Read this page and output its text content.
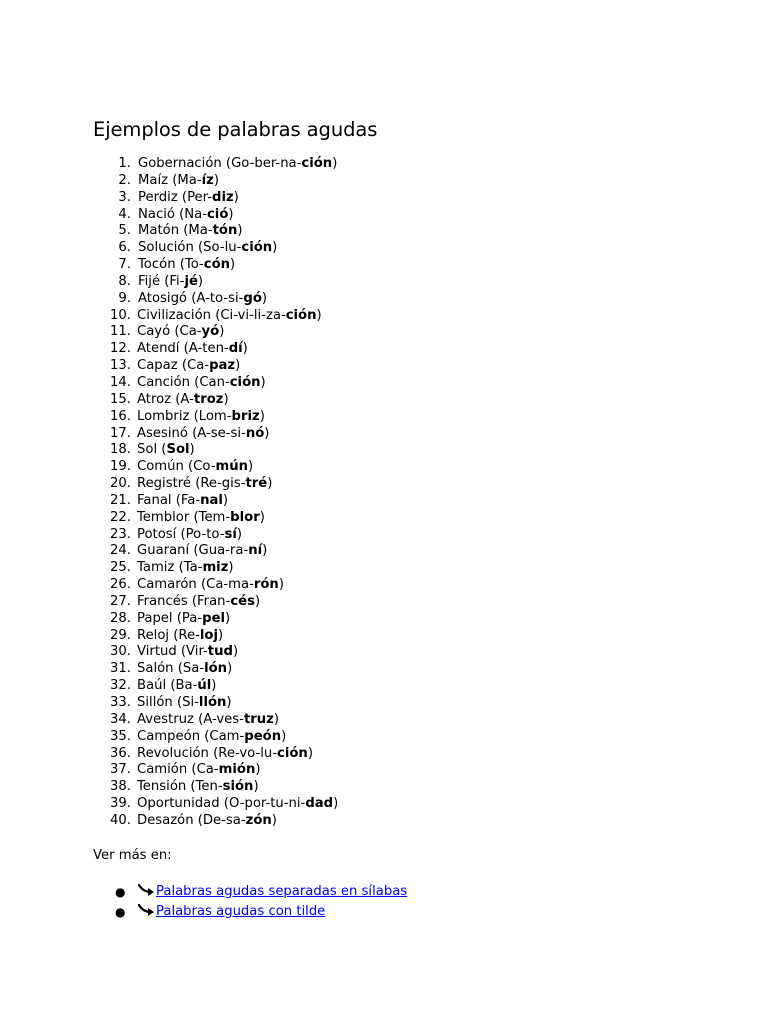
Ejemplos de palabras agudas
1. Gobernación (Go-ber-na-ción)
2. Maíz (Ma-íz)
3. Perdiz (Per-diz)
4. Nació (Na-ció)
5. Matón (Ma-tón)
6. Solución (So-lu-ción)
7. Tocón (To-cón)
8. Fijé (Fi-jé)
9. Atosigó (A-to-si-gó)
10. Civilización (Ci-vi-li-za-ción)
11. Cayó (Ca-yó)
12. Atendí (A-ten-dí)
13. Capaz (Ca-paz)
14. Canción (Can-ción)
15. Atroz (A-troz)
16. Lombriz (Lom-briz)
17. Asesinó (A-se-si-nó)
18. Sol (Sol)
19. Común (Co-mún)
20. Registré (Re-gis-tré)
21. Fanal (Fa-nal)
22. Temblor (Tem-blor)
23. Potosí (Po-to-sí)
24. Guaraní (Gua-ra-ní)
25. Tamiz (Ta-miz)
26. Camarón (Ca-ma-rón)
27. Francés (Fran-cés)
28. Papel (Pa-pel)
29. Reloj (Re-loj)
30. Virtud (Vir-tud)
31. Salón (Sa-lón)
32. Baúl (Ba-úl)
33. Sillón (Si-llón)
34. Avestruz (A-ves-truz)
35. Campeón (Cam-peón)
36. Revolución (Re-vo-lu-ción)
37. Camión (Ca-mión)
38. Tensión (Ten-sión)
39. Oportunidad (O-por-tu-ni-dad)
40. Desazón (De-sa-zón)

Ver más en:

● Palabras agudas separadas en sílabas
● Palabras agudas con tilde
